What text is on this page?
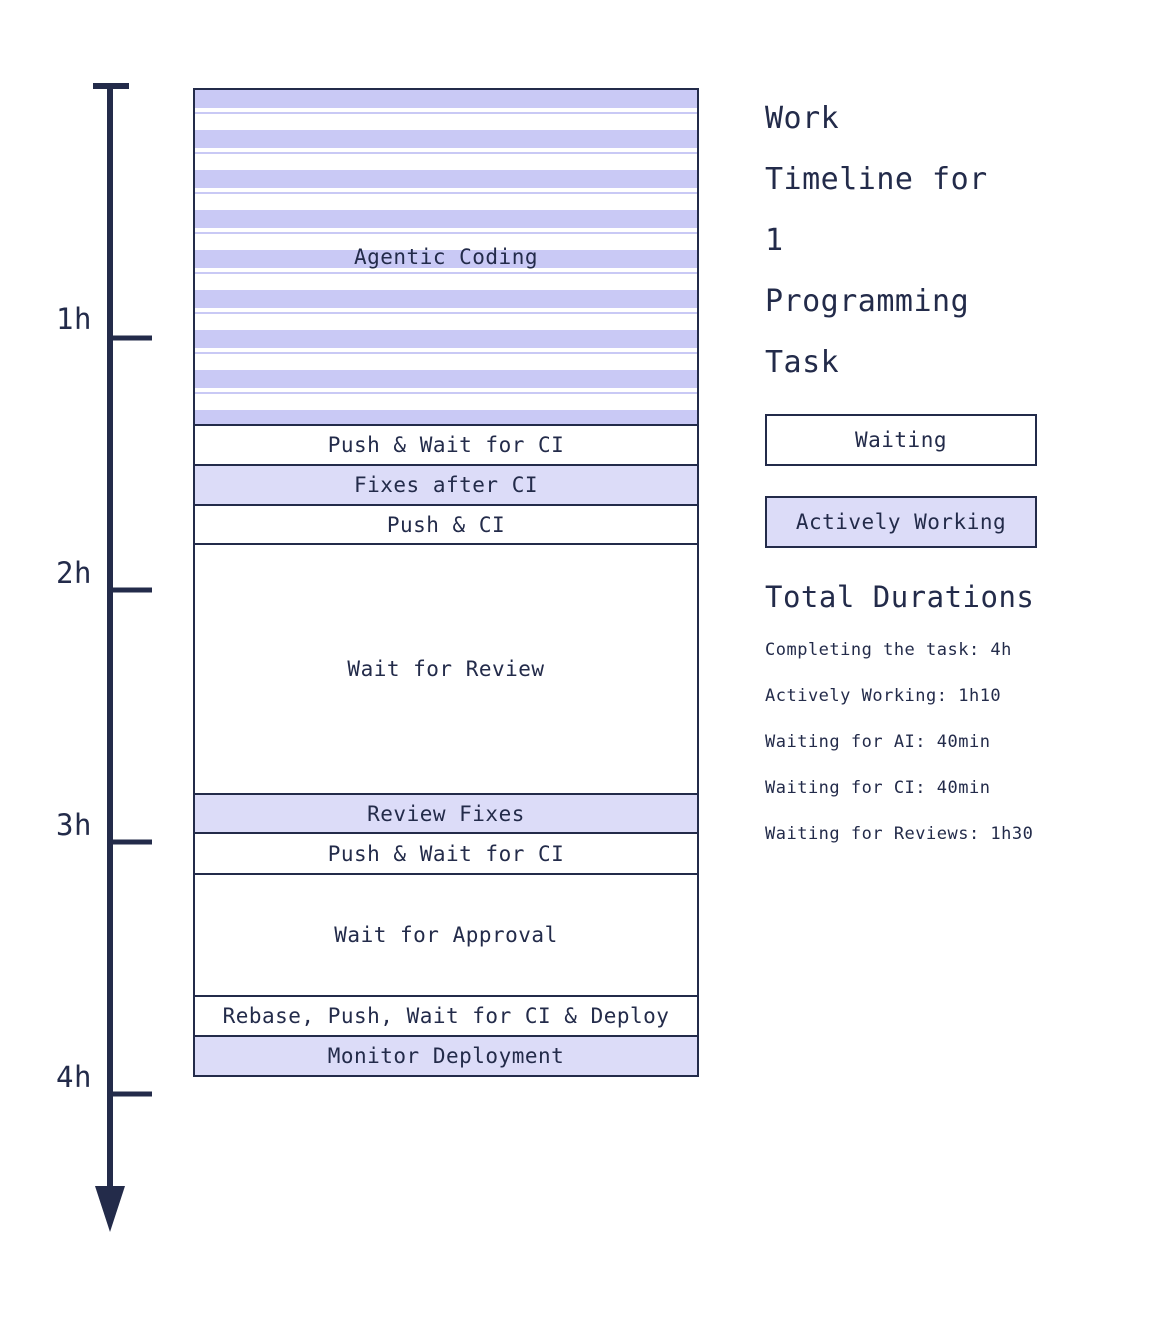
1h
2h
3h
4h
Agentic Coding
Push & Wait for CI
Fixes after CI
Push & CI
Wait for Review
Review Fixes
Push & Wait for CI
Wait for Approval
Rebase, Push, Wait for CI & Deploy
Monitor Deployment
Work Timeline for 1 Programming Task
Waiting
Actively Working
Total Durations
Completing the task: 4h
Actively Working: 1h10
Waiting for AI: 40min
Waiting for CI: 40min
Waiting for Reviews: 1h30
